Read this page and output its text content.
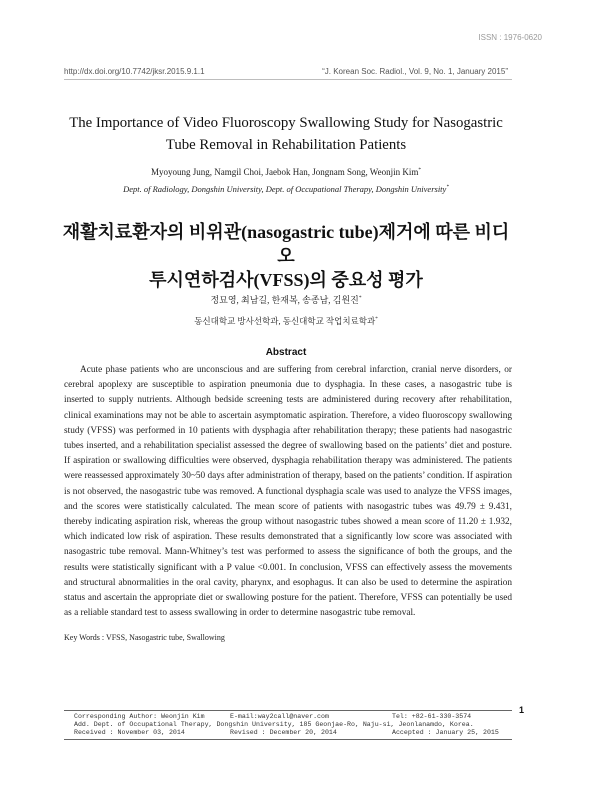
ISSN : 1976-0620
http://dx.doi.org/10.7742/jksr.2015.9.1.1	“J. Korean Soc. Radiol., Vol. 9, No. 1, January 2015”
The Importance of Video Fluoroscopy Swallowing Study for Nasogastric
Tube Removal in Rehabilitation Patients
Myoyoung Jung, Namgil Choi, Jaebok Han, Jongnam Song, Weonjin Kim*
Dept. of Radiology, Dongshin University, Dept. of Occupational Therapy, Dongshin University*
재활치료환자의 비위관(nasogastric tube)제거에 따른 비디오
투시연하검사(VFSS)의 중요성 평가
정묘영, 최남길, 한재복, 송종남, 김원진*
동신대학교 방사선학과, 동신대학교 작업치료학과*
Abstract

Acute phase patients who are unconscious and are suffering from cerebral infarction, cranial nerve disorders, or cerebral apoplexy are susceptible to aspiration pneumonia due to dysphagia. In these cases, a nasogastric tube is inserted to supply nutrients. Although bedside screening tests are administered during recovery after rehabilitation, clinical examinations may not be able to ascertain asymptomatic aspiration. Therefore, a video fluoroscopy swallowing study (VFSS) was performed in 10 patients with dysphagia after rehabilitation therapy; these patients had nasogastric tubes inserted, and a rehabilitation specialist assessed the degree of swallowing based on the patients’ diet and posture. If aspiration or swallowing difficulties were observed, dysphagia rehabilitation therapy was administered. The patients were reassessed approximately 30~50 days after administration of therapy, based on the patients’ condition. If aspiration is not observed, the nasogastric tube was removed. A functional dysphagia scale was used to analyze the VFSS images, and the scores were statistically calculated. The mean score of patients with nasogastric tubes was 49.79 ± 9.431, thereby indicating aspiration risk, whereas the group without nasogastric tubes showed a mean score of 11.20 ± 1.932, which indicated low risk of aspiration. These results demonstrated that a significantly low score was associated with nasogastric tube removal. Mann-Whitney’s test was performed to assess the significance of both the groups, and the results were statistically significant with a P value <0.001. In conclusion, VFSS can effectively assess the movements and structural abnormalities in the oral cavity, pharynx, and esophagus. It can also be used to determine the aspiration status and ascertain the appropriate diet or swallowing posture for the patient. Therefore, VFSS can potentially be used as a reliable standard test to assess swallowing in order to determine nasogastric tube removal.

Key Words : VFSS, Nasogastric tube, Swallowing
1
Corresponding Author: Weonjin Kim	E-mail:way2call@naver.com	Tel: +82-61-330-3574
Add. Dept. of Occupational Therapy, Dongshin University, 185 Geonjae-Ro, Naju-si, Jeonlanamdo, Korea.
Received : November 03, 2014	Revised : December 20, 2014	Accepted : January 25, 2015
